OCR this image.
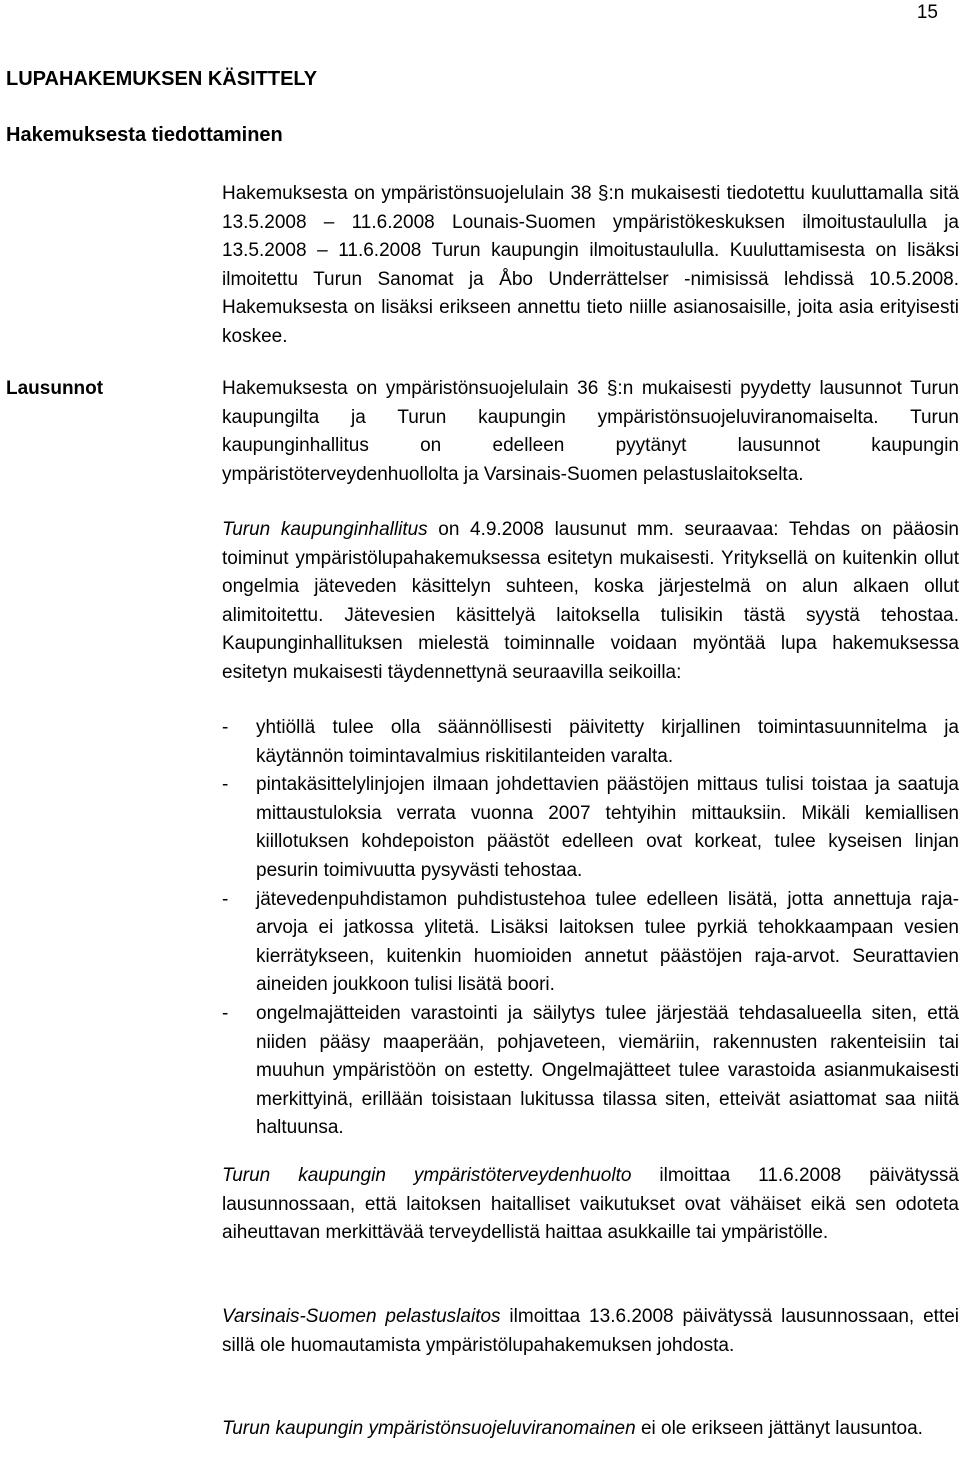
15
LUPAHAKEMUKSEN KÄSITTELY
Hakemuksesta tiedottaminen

Hakemuksesta on ympäristönsuojelulain 38 §:n mukaisesti tiedotettu kuuluttamalla sitä 13.5.2008 – 11.6.2008 Lounais-Suomen ympäristökeskuksen ilmoitustaululla ja 13.5.2008 – 11.6.2008 Turun kaupungin ilmoitustaululla. Kuuluttamisesta on lisäksi ilmoitettu Turun Sanomat ja Åbo Underrättelser -nimisissä lehdissä 10.5.2008. Hakemuksesta on lisäksi erikseen annettu tieto niille asianosaisille, joita asia erityisesti koskee.

Lausunnot	Hakemuksesta on ympäristönsuojelulain 36 §:n mukaisesti pyydetty lausunnot Turun kaupungilta ja Turun kaupungin ympäristönsuojeluviranomaiselta. Turun kaupunginhallitus on edelleen pyytänyt lausunnot kaupungin ympäristöterveydenhuollolta ja Varsinais-Suomen pelastuslaitokselta.

Turun kaupunginhallitus on 4.9.2008 lausunut mm. seuraavaa: Tehdas on pääosin toiminut ympäristölupahakemuksessa esitetyn mukaisesti. Yrityksellä on kuitenkin ollut ongelmia jäteveden käsittelyn suhteen, koska järjestelmä on alun alkaen ollut alimitoitettu. Jätevesien käsittelyä laitoksella tulisikin tästä syystä tehostaa. Kaupunginhallituksen mielestä toiminnalle voidaan myöntää lupa hakemuksessa esitetyn mukaisesti täydennettynä seuraavilla seikoilla:

- yhtiöllä tulee olla säännöllisesti päivitetty kirjallinen toimintasuunnitelma ja käytännön toimintavalmius riskitilanteiden varalta.
- pintakäsittelylinjojen ilmaan johdettavien päästöjen mittaus tulisi toistaa ja saatuja mittaustuloksia verrata vuonna 2007 tehtyihin mittauksiin. Mikäli kemiallisen kiillotuksen kohdepoiston päästöt edelleen ovat korkeat, tulee kyseisen linjan pesurin toimivuutta pysyvästi tehostaa.
- jätevedenpuhdistamon puhdistustehoa tulee edelleen lisätä, jotta annettuja raja-arvoja ei jatkossa ylitetä. Lisäksi laitoksen tulee pyrkiä tehokkaampaan vesien kierrätykseen, kuitenkin huomioiden annetut päästöjen raja-arvot. Seurattavien aineiden joukkoon tulisi lisätä boori.
- ongelmajätteiden varastointi ja säilytys tulee järjestää tehdasalueella siten, että niiden pääsy maaperään, pohjaveteen, viemäriin, rakennusten rakenteisiin tai muuhun ympäristöön on estetty. Ongelmajätteet tulee varastoida asianmukaisesti merkittyinä, erillään toisistaan lukitussa tilassa siten, etteivät asiattomat saa niitä haltuunsa.

Turun kaupungin ympäristöterveydenhuolto ilmoittaa 11.6.2008 päivätyssä lausunnossaan, että laitoksen haitalliset vaikutukset ovat vähäiset eikä sen odoteta aiheuttavan merkittävää terveydellistä haittaa asukkaille tai ympäristölle.

Varsinais-Suomen pelastuslaitos ilmoittaa 13.6.2008 päivätyssä lausunnossaan, ettei sillä ole huomautamista ympäristölupahakemuksen johdosta.

Turun kaupungin ympäristönsuojeluviranomainen ei ole erikseen jättänyt lausuntoa.
